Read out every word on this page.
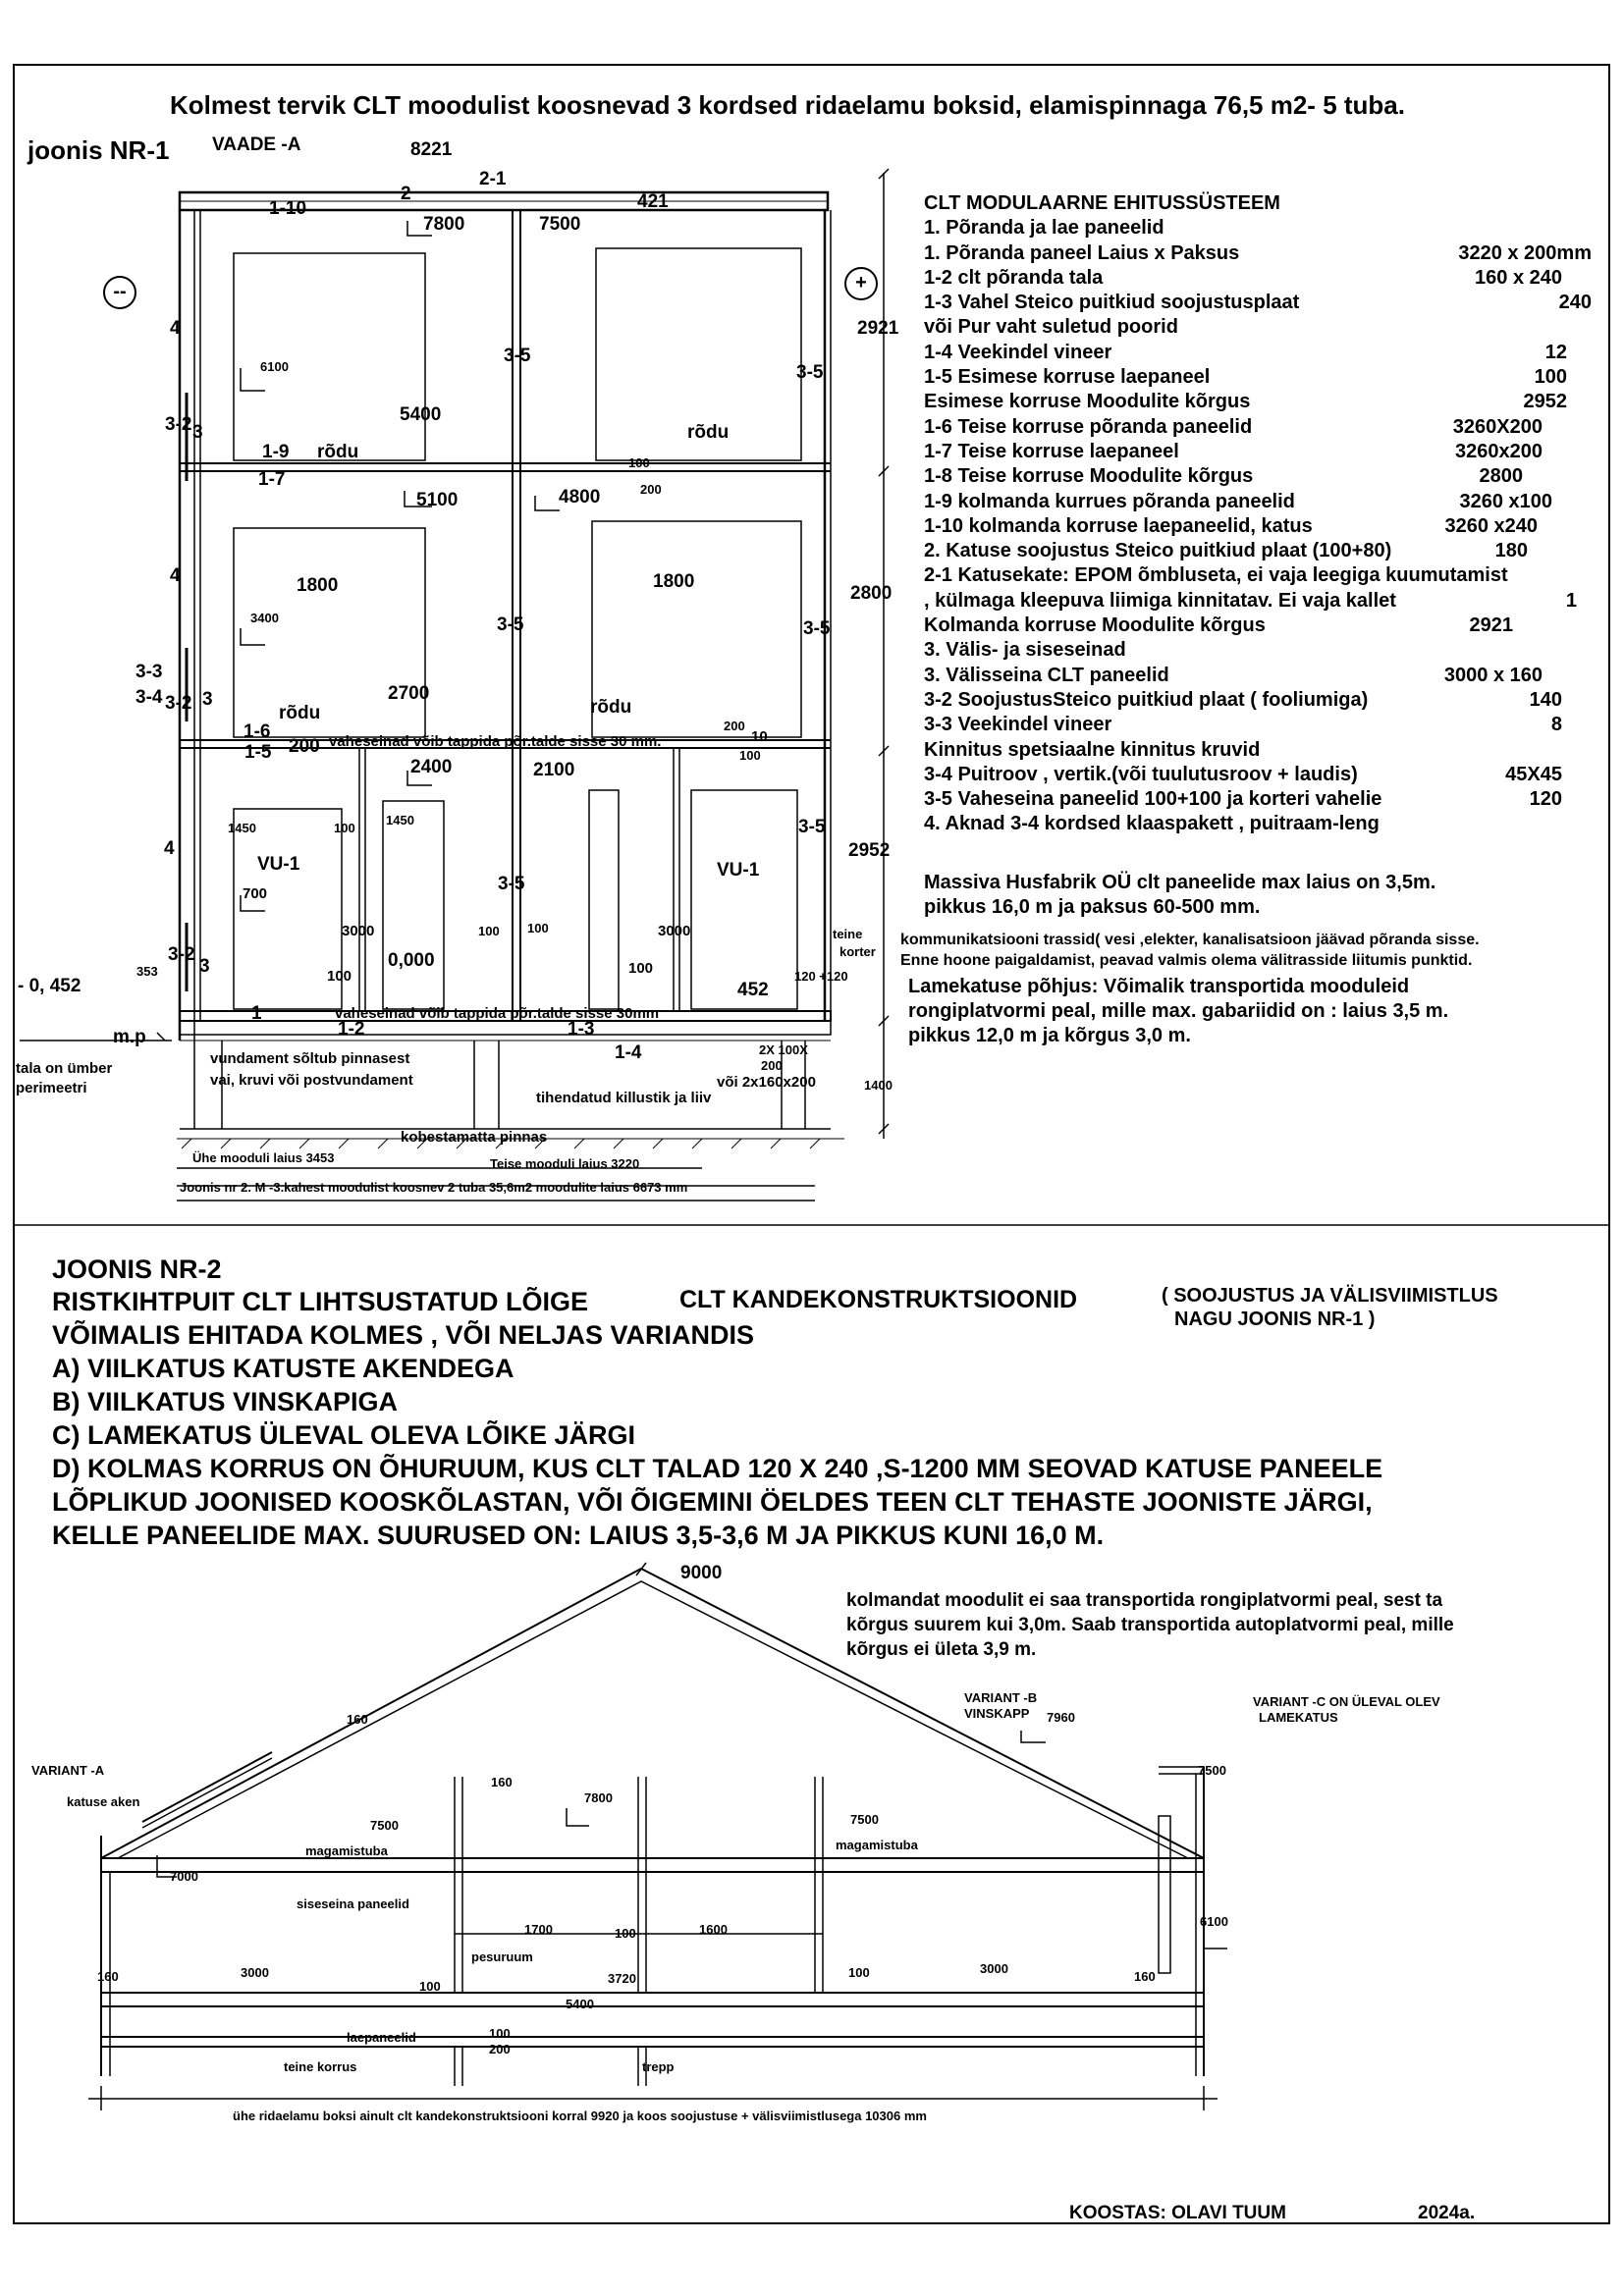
Kolmest tervik CLT moodulist koosnevad 3 kordsed ridaelamu boksid, elamispinnaga 76,5 m2- 5 tuba.
joonis NR-1 VAADE -A
--	+
8221
2-1
1-10
2
7800	7500
421
4
3-5
3-5
2921
6100
5400
3-2 3
1-9 rõdu
rõdu
1-7
100
200
5100	4800
4	1800	1800
2800
3400	3-5	3-5
3-3
3-4 3-2 3	2700
rõdu	rõdu
1-6
1-5 200 vaheseinad võib tappida põr.talde sisse 30 mm.
200
10
100
2400	2100
1450	100
1450	3-5
2952
4
VU-1	VU-1
3-5
700
3000	100 100	3000	teine
korter
3-2
3
353
0,000
100	100	120 +120
452
- 0, 452
m.p
1
1-2
vaheseinad võib tappida põr.talde sisse 30mm
1-3
tala on ümber
perimeetri
vundament sõltub pinnasest
vai, kruvi või postvundament
1-4	2X 100X
200
või 2x160x200
tihendatud killustik ja liiv
1400
kobestamatta pinnas
Ühe mooduli laius 3453	Teise mooduli laius 3220
Joonis nr 2. M -3.kahest moodulist koosnev 2 tuba 35,6m2 moodulite laius 6673 mm
CLT MODULAARNE EHITUSSÜSTEEM
1. Põranda ja lae paneelid
1. Põranda paneel Laius x Paksus	3220 x 200mm
1-2 clt põranda tala	160 x 240
1-3 Vahel Steico puitkiud soojustusplaat	240
või Pur vaht suletud poorid
1-4 Veekindel vineer	12
1-5 Esimese korruse laepaneel	100
Esimese korruse Moodulite kõrgus	2952
1-6 Teise korruse põranda paneelid	3260X200
1-7 Teise korruse laepaneel	3260x200
1-8 Teise korruse Moodulite kõrgus	2800
1-9 kolmanda kurrues põranda paneelid	3260 x100
1-10 kolmanda korruse laepaneelid, katus	3260 x240
2. Katuse soojustus Steico puitkiud plaat (100+80)	180
2-1 Katusekate: EPOM õmbluseta, ei vaja leegiga kuumutamist
, külmaga kleepuva liimiga kinnitatav. Ei vaja kallet	1
Kolmanda korruse Moodulite kõrgus	2921
3. Välis- ja siseseinad
3. Välisseina CLT paneelid	3000 x 160
3-2 SoojustusSteico puitkiud plaat ( fooliumiga)	140
3-3 Veekindel vineer	8
Kinnitus spetsiaalne kinnitus kruvid
3-4 Puitroov , vertik.(või tuulutusroov + laudis)	45X45
3-5 Vaheseina paneelid 100+100 ja korteri vahelie	120
4. Aknad 3-4 kordsed klaaspakett , puitraam-leng
Massiva Husfabrik OÜ clt paneelide max laius on 3,5m.
pikkus 16,0 m ja paksus 60-500 mm.
kommunikatsiooni trassid( vesi ,elekter, kanalisatsioon jäävad põranda sisse.
Enne hoone paigaldamist, peavad valmis olema välitrasside liitumis punktid.
Lamekatuse põhjus: Võimalik transportida mooduleid
rongiplatvormi peal, mille max. gabariidid on : laius 3,5 m.
pikkus 12,0 m ja kõrgus 3,0 m.
JOONIS NR-2
RISTKIHTPUIT CLT LIHTSUSTATUD LÕIGE	CLT KANDEKONSTRUKTSIOONID	( SOOJUSTUS JA VÄLISVIIMISTLUS
NAGU JOONIS NR-1 )
VÕIMALIS EHITADA KOLMES , VÕI NELJAS VARIANDIS
A) VIILKATUS KATUSTE AKENDEGA
B) VIILKATUS VINSKAPIGA
C) LAMEKATUS ÜLEVAL OLEVA LÕIKE JÄRGI
D) KOLMAS KORRUS ON ÕHURUUM, KUS CLT TALAD 120 X 240 ,S-1200 MM SEOVAD KATUSE PANEELE
LÕPLIKUD JOONISED KOOSKÕLASTAN, VÕI ÕIGEMINI ÖELDES TEEN CLT TEHASTE JOONISTE JÄRGI,
KELLE PANEELIDE MAX. SUURUSED ON: LAIUS 3,5-3,6 M JA PIKKUS KUNI 16,0 M.
9000
kolmandat moodulit ei saa transportida rongiplatvormi peal, sest ta
kõrgus suurem kui 3,0m. Saab transportida autoplatvormi peal, mille
kõrgus ei ületa 3,9 m.
VARIANT -B
VINSKAPP 7960
VARIANT -C ON ÜLEVAL OLEV
LAMEKATUS
160
VARIANT -A
katuse aken
160
7800
7500
7500	7500
magamistuba	magamistuba
7000
siseseina paneelid
6100
1700	100	1600
pesuruum
160	3000
100
3720	100	3000
160
5400
laepaneelid	100
200
teine korrus	trepp
ühe ridaelamu boksi ainult clt kandekonstruktsiooni korral 9920 ja koos soojustuse + välisviimistlusega 10306 mm
KOOSTAS: OLAVI TUUM	2024a.
